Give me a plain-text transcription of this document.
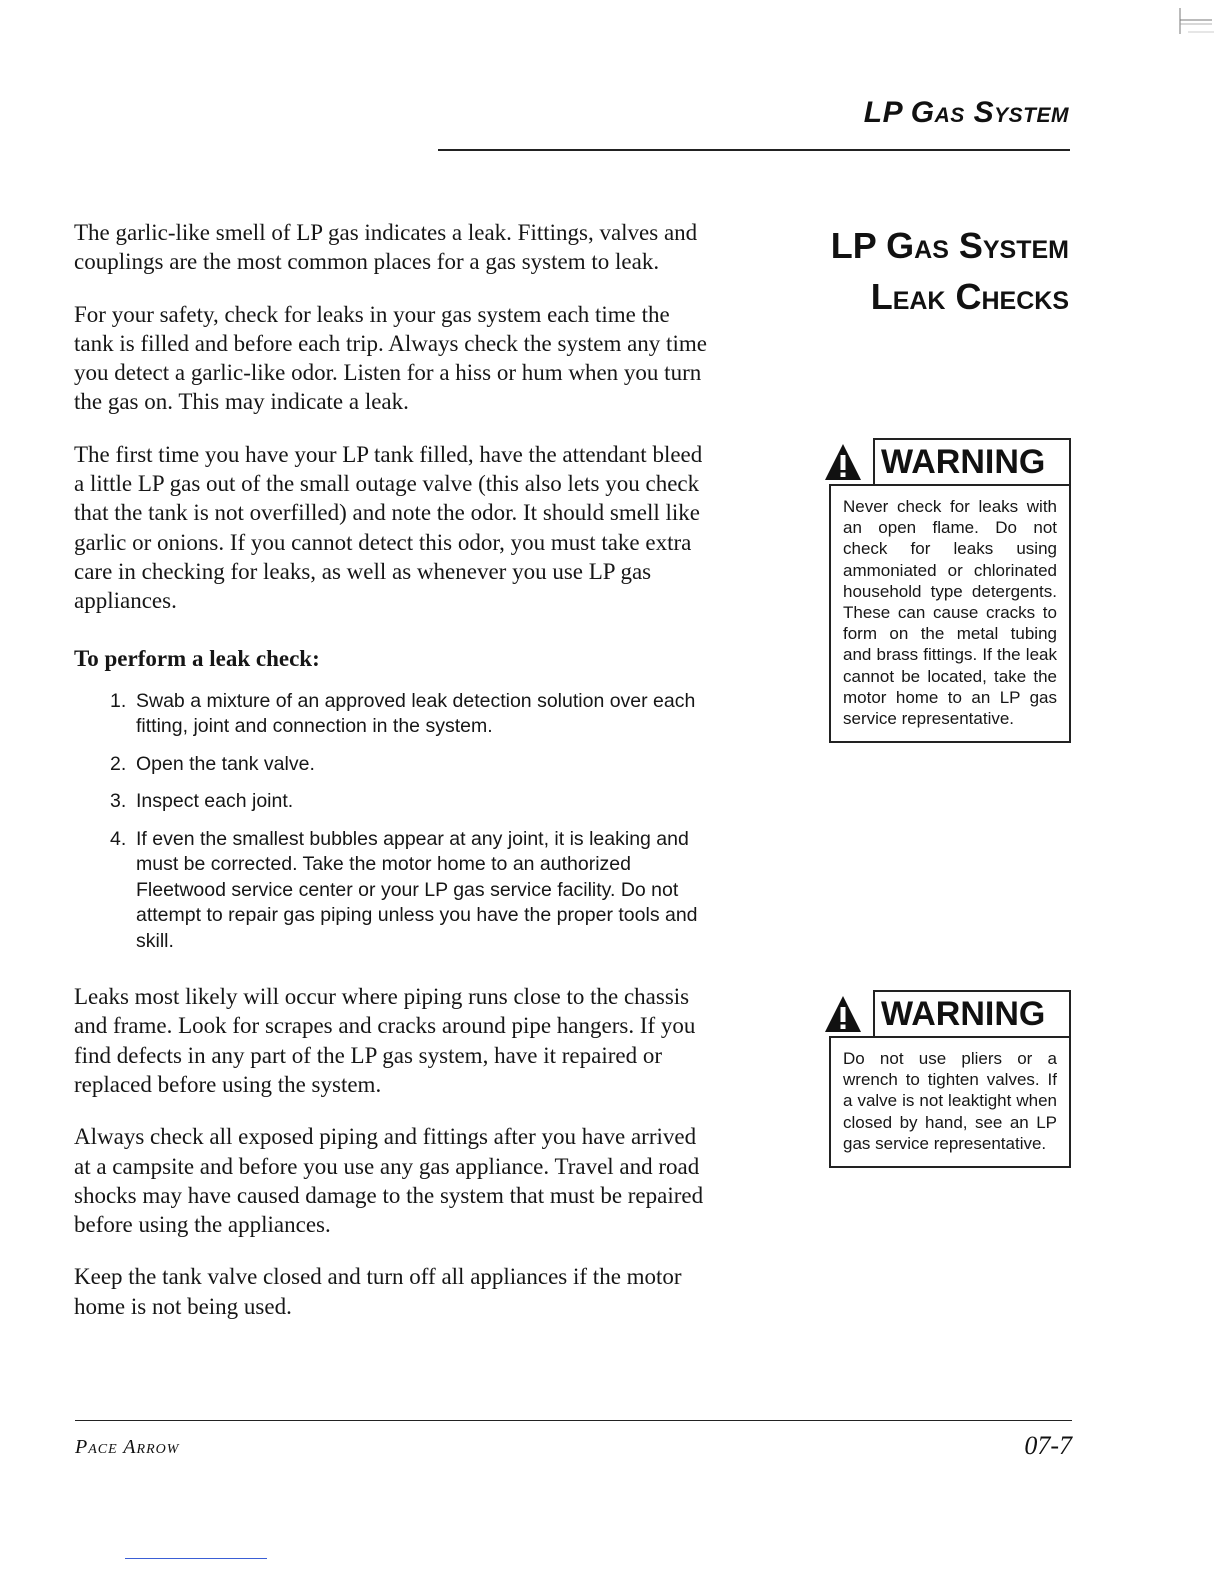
LP Gas System

The garlic-like smell of LP gas indicates a leak. Fittings, valves and couplings are the most common places for a gas system to leak.

For your safety, check for leaks in your gas system each time the tank is filled and before each trip. Always check the system any time you detect a garlic-like odor. Listen for a hiss or hum when you turn the gas on. This may indicate a leak.

The first time you have your LP tank filled, have the attendant bleed a little LP gas out of the small outage valve (this also lets you check that the tank is not overfilled) and note the odor. It should smell like garlic or onions. If you cannot detect this odor, you must take extra care in checking for leaks, as well as whenever you use LP gas appliances.

To perform a leak check:

1. Swab a mixture of an approved leak detection solution over each fitting, joint and connection in the system.
2. Open the tank valve.
3. Inspect each joint.
4. If even the smallest bubbles appear at any joint, it is leaking and must be corrected. Take the motor home to an authorized Fleetwood service center or your LP gas service facility. Do not attempt to repair gas piping unless you have the proper tools and skill.

Leaks most likely will occur where piping runs close to the chassis and frame. Look for scrapes and cracks around pipe hangers. If you find defects in any part of the LP gas system, have it repaired or replaced before using the system.

Always check all exposed piping and fittings after you have arrived at a campsite and before you use any gas appliance. Travel and road shocks may have caused damage to the system that must be repaired before using the appliances.

Keep the tank valve closed and turn off all appliances if the motor home is not being used.

LP Gas System
Leak Checks
WARNING
Never check for leaks with an open flame. Do not check for leaks using ammoniated or chlorinated household type detergents. These can cause cracks to form on the metal tubing and brass fittings. If the leak cannot be located, take the motor home to an LP gas service representative.
WARNING
Do not use pliers or a wrench to tighten valves. If a valve is not leaktight when closed by hand, see an LP gas service representative.
Pace Arrow	07-7
